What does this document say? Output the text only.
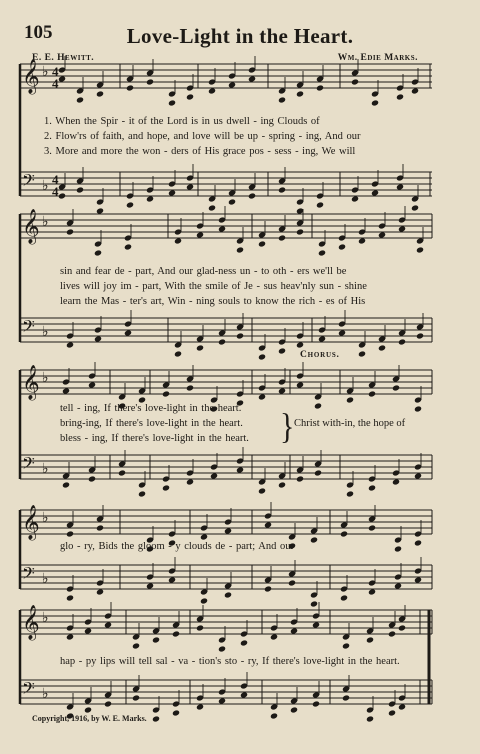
105	Love-Light in the Heart.
E. E. Hewitt.	Wm. Edie Marks.
𝄞
𝄢
♭
♭
𝄞
𝄢
♭
♭
𝄞
𝄢
♭
♭
𝄞
𝄢
♭
♭
𝄞
𝄢
♭
♭
4
4
4
4
1. When the Spir - it of the Lord is in us dwell - ing Clouds of
2. Flow'rs of faith, and hope, and love will be up - spring - ing, And our
3. More and more the won - ders of His grace pos - sess - ing, We will
sin and fear de - part, And our glad-ness un - to oth - ers we'll be
lives will joy im - part, With the smile of Je - sus heav'nly sun - shine
learn the Mas - ter's art, Win - ning souls to know the rich - es of His
Chorus.
tell - ing, If there's love-light in the heart.
bring-ing, If there's love-light in the heart.
bless - ing, If there's love-light in the heart. } Christ with-in, the hope of
glo - ry, Bids the gloom - y clouds de - part; And our
hap - py lips will tell sal - va - tion's sto - ry, If there's love-light in the heart.
Copyright, 1916, by W. E. Marks.
